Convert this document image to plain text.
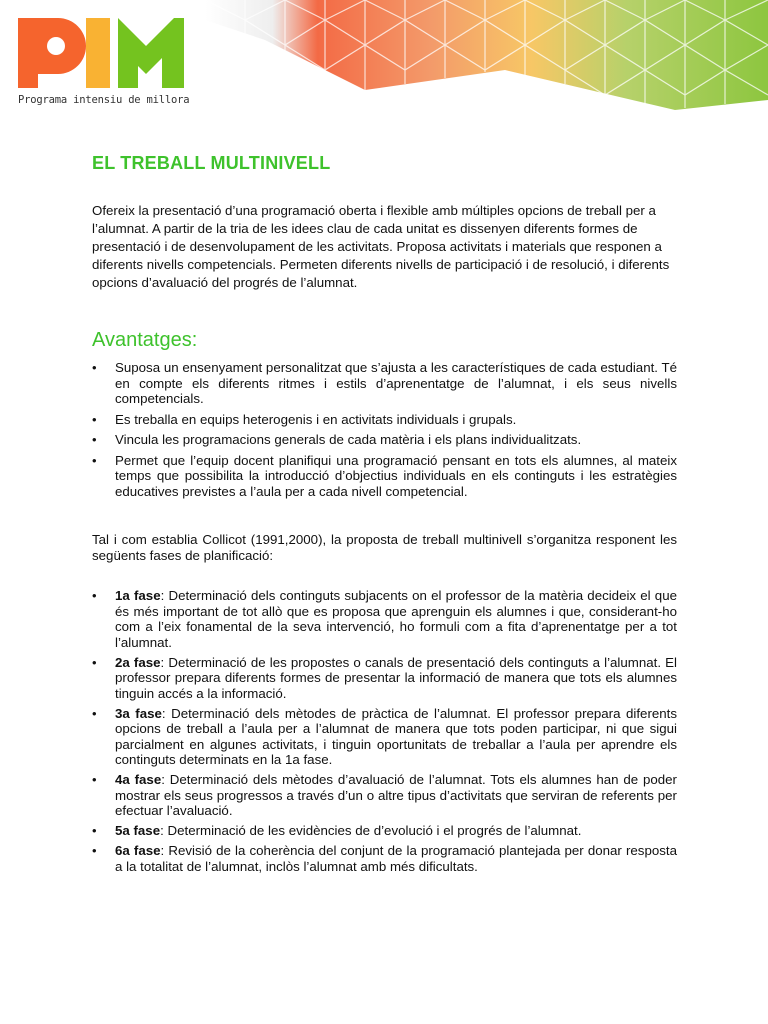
Programa intensiu de millora
EL TREBALL MULTINIVELL

Ofereix la presentació d’una programació oberta i flexible amb múltiples opcions de treball per a l’alumnat. A partir de la tria de les idees clau de cada unitat es dissenyen diferents formes de presentació i de desenvolupament de les activitats. Proposa activitats i materials que responen a diferents nivells competencials. Permeten diferents nivells de participació i de resolució, i diferents opcions d’avaluació del progrés de l’alumnat.

Avantatges:
• Suposa un ensenyament personalitzat que s’ajusta a les característiques de cada estudiant. Té en compte els diferents ritmes i estils d’aprenentatge de l’alumnat, i els seus nivells competencials.
• Es treballa en equips heterogenis i en activitats individuals i grupals.
• Vincula les programacions generals de cada matèria i els plans individualitzats.
• Permet que l’equip docent planifiqui una programació pensant en tots els alumnes, al mateix temps que possibilita la introducció d’objectius individuals en els continguts i les estratègies educatives previstes a l’aula per a cada nivell competencial.

Tal i com establia Collicot (1991,2000), la proposta de treball multinivell s’organitza responent les següents fases de planificació:

• 1a fase: Determinació dels continguts subjacents on el professor de la matèria decideix el que és més important de tot allò que es proposa que aprenguin els alumnes i que, considerant-ho com a l’eix fonamental de la seva intervenció, ho formuli com a fita d’aprenentatge per a tot l’alumnat.
• 2a fase: Determinació de les propostes o canals de presentació dels continguts a l’alumnat. El professor prepara diferents formes de presentar la informació de manera que tots els alumnes tinguin accés a la informació.
• 3a fase: Determinació dels mètodes de pràctica de l’alumnat. El professor prepara diferents opcions de treball a l’aula per a l’alumnat de manera que tots poden participar, ni que sigui parcialment en algunes activitats, i tinguin oportunitats de treballar a l’aula per aprendre els continguts determinats en la 1a fase.
• 4a fase: Determinació dels mètodes d’avaluació de l’alumnat. Tots els alumnes han de poder mostrar els seus progressos a través d’un o altre tipus d’activitats que serviran de referents per efectuar l’avaluació.
• 5a fase: Determinació de les evidències de d’evolució i el progrés de l’alumnat.
• 6a fase: Revisió de la coherència del conjunt de la programació plantejada per donar resposta a la totalitat de l’alumnat, inclòs l’alumnat amb més dificultats.
